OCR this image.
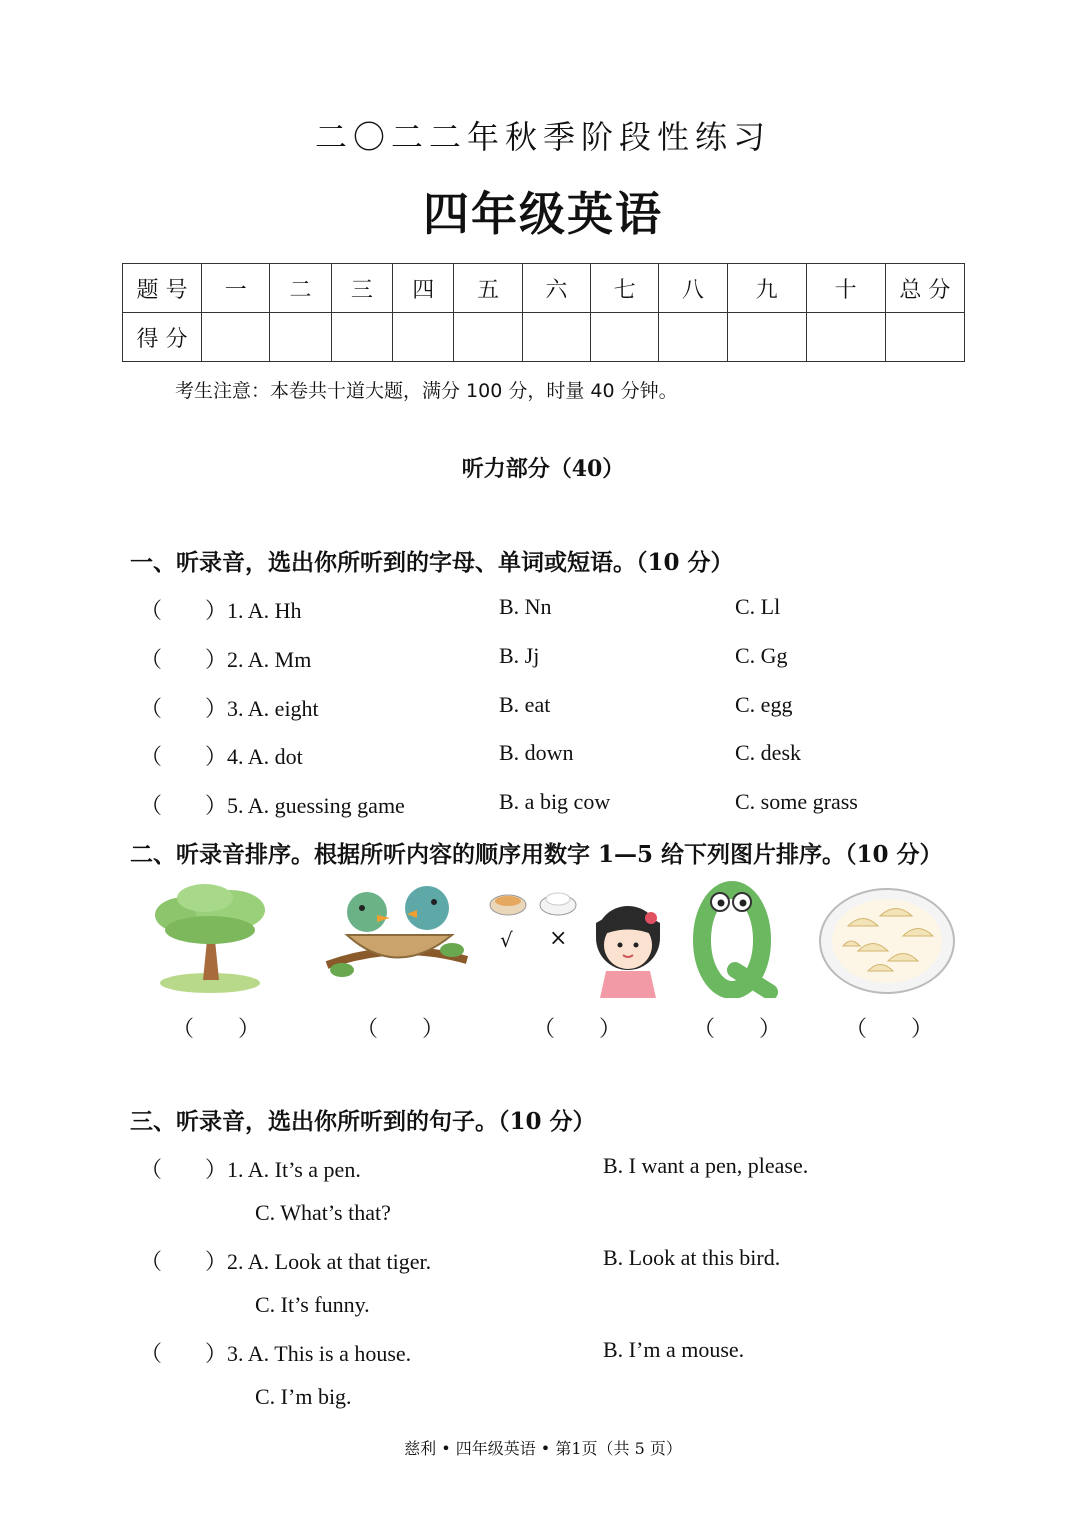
二〇二二年秋季阶段性练习
四年级英语
题 号	一	二	三	四	五	六	七	八	九	十	总 分
得 分											
考生注意：本卷共十道大题，满分 100 分，时量 40 分钟。
听力部分（40）
一、听录音，选出你所听到的字母、单词或短语。（10 分）
（ ）1. A. Hh	B. Nn	C. Ll
（ ）2. A. Mm	B. Jj	C. Gg
（ ）3. A. eight	B. eat	C. egg
（ ）4. A. dot	B. down	C. desk
（ ）5. A. guessing game	B. a big cow	C. some grass
二、听录音排序。根据所听内容的顺序用数字 1—5 给下列图片排序。（10 分）
√ ×
（　　）	（　　）	（　　）	（　　）	（　　）
三、听录音，选出你所听到的句子。（10 分）
（ ）1. A. It’s a pen.	B. I want a pen, please.
C. What’s that?
（ ）2. A. Look at that tiger.	B. Look at this bird.
C. It’s funny.
（ ）3. A. This is a house.	B. I’m a mouse.
C. I’m big.
慈利 • 四年级英语 • 第1页（共 5 页）
